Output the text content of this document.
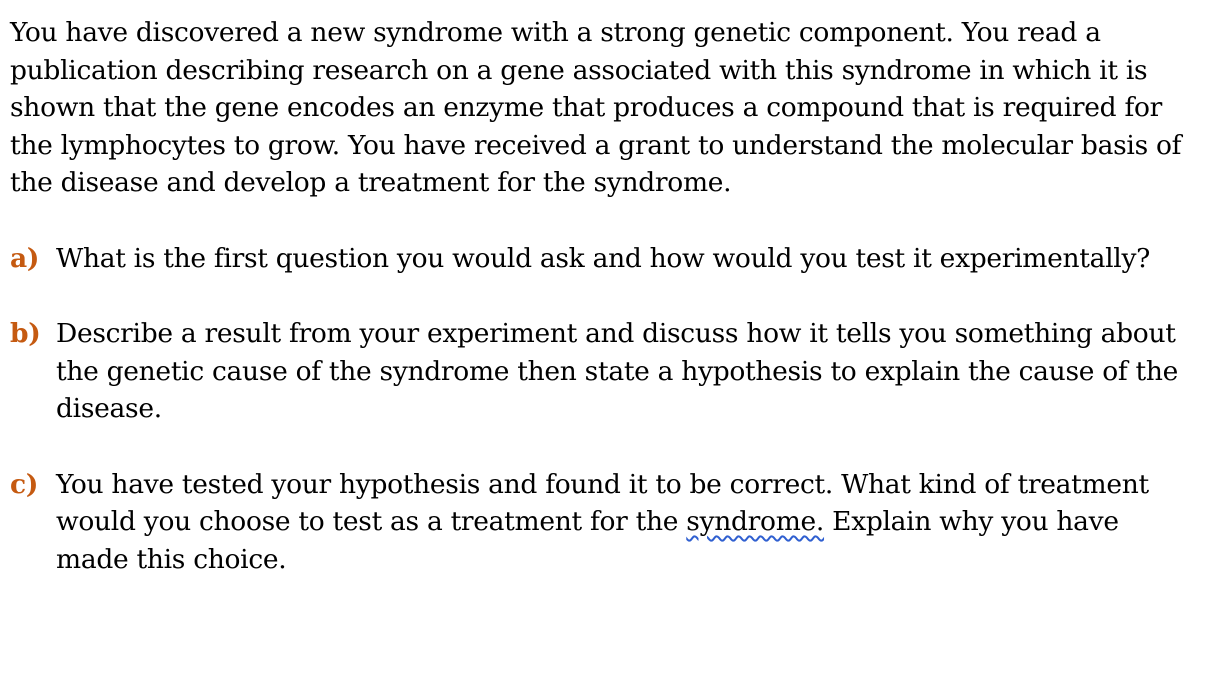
You have discovered a new syndrome with a strong genetic component. You read a publication describing research on a gene associated with this syndrome in which it is shown that the gene encodes an enzyme that produces a compound that is required for the lymphocytes to grow. You have received a grant to understand the molecular basis of the disease and develop a treatment for the syndrome.

a) What is the first question you would ask and how would you test it experimentally?
b) Describe a result from your experiment and discuss how it tells you something about the genetic cause of the syndrome then state a hypothesis to explain the cause of the disease.
c) You have tested your hypothesis and found it to be correct. What kind of treatment would you choose to test as a treatment for the syndrome. Explain why you have made this choice.
